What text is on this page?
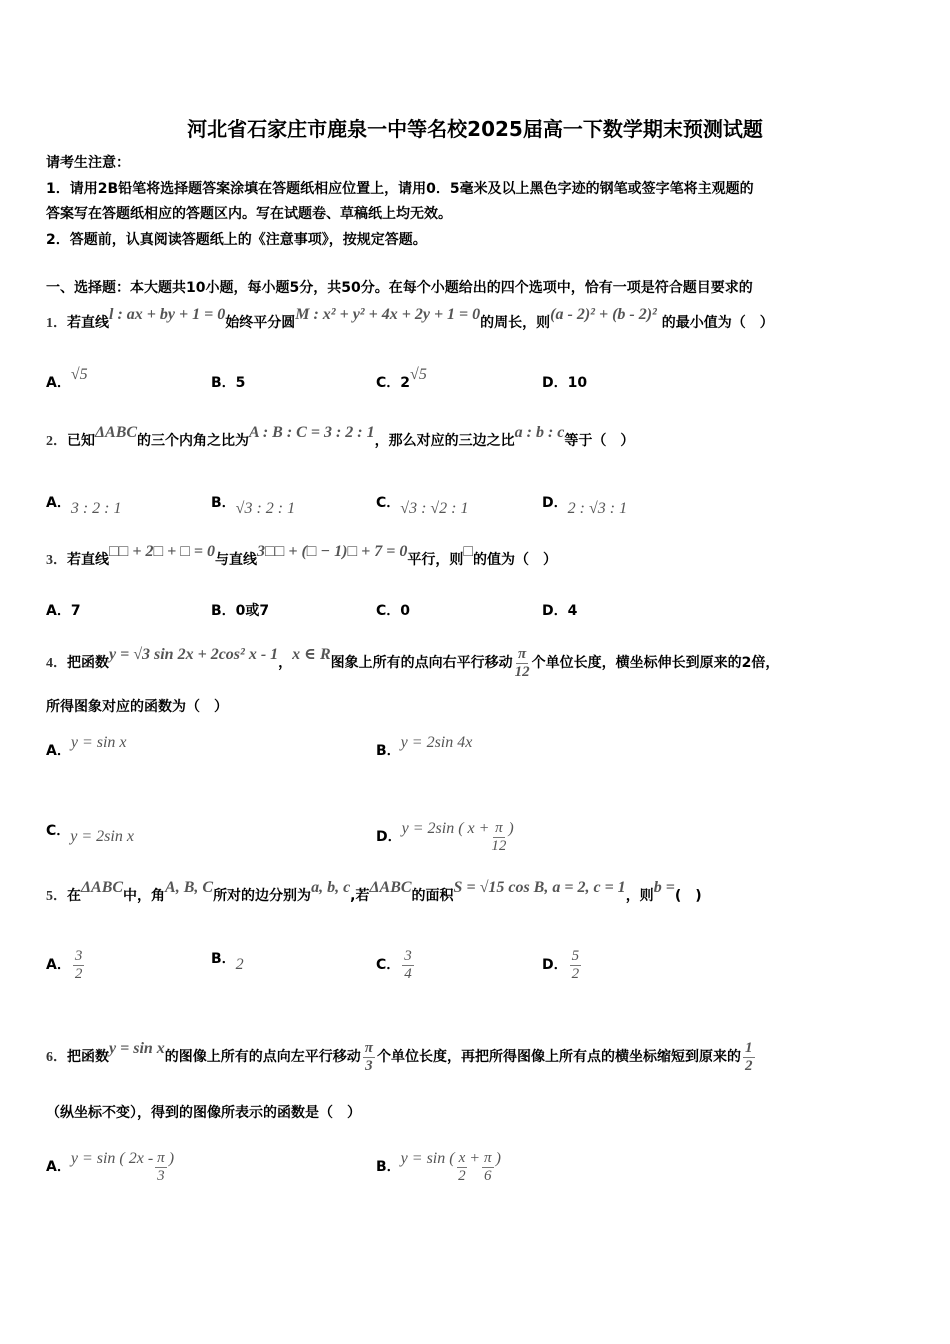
河北省石家庄市鹿泉一中等名校2025届高一下数学期末预测试题
请考生注意：
1．请用2B铅笔将选择题答案涂填在答题纸相应位置上，请用0．5毫米及以上黑色字迹的钢笔或签字笔将主观题的
答案写在答题纸相应的答题区内。写在试题卷、草稿纸上均无效。
2．答题前，认真阅读答题纸上的《注意事项》，按规定答题。
一、选择题：本大题共10小题，每小题5分，共50分。在每个小题给出的四个选项中，恰有一项是符合题目要求的
1．若直线l : ax + by + 1 = 0始终平分圆M : x² + y² + 4x + 2y + 1 = 0的周长，则(a - 2)² + (b - 2)² 的最小值为（　）
A．√5	B．5	C．2√5	D．10
2．已知ΔABC的三个内角之比为A : B : C = 3 : 2 : 1，那么对应的三边之比a : b : c等于（　）
A．3 : 2 : 1	B．√3 : 2 : 1	C．√3 : √2 : 1	D．2 : √3 : 1
3．若直线□□ + 2□ + □ = 0与直线3□□ + (□ − 1)□ + 7 = 0平行，则□的值为（　）
A．7	B．0或7	C．0	D．4
4．把函数y = √3 sin 2x + 2cos² x - 1，x ∈ R图象上所有的点向右平行移动 $\frac{\pi}{12}$ 个单位长度，横坐标伸长到原来的2倍，
所得图象对应的函数为（　）
A．y = sin x	B．y = 2sin 4x
C．y = 2sin x	D．y = 2sin ( $x + \frac{\pi}{12}$ )
5．在ΔABC中，角A, B, C所对的边分别为a, b, c,若ΔABC的面积S = √15 cos B, a = 2, c = 1，则b =(　)
A． $\frac{3}{2}$	B．2	C． $\frac{3}{4}$	D． $\frac{5}{2}$
6．把函数y = sin x的图像上所有的点向左平行移动 $\frac{\pi}{3}$ 个单位长度，再把所得图像上所有点的横坐标缩短到原来的 $\frac{1}{2}$
（纵坐标不变），得到的图像所表示的函数是（　）
A．y = sin ( $2x - \frac{\pi}{3}$ )	B．y = sin ( $\frac{x}{2} + \frac{\pi}{6}$ )
